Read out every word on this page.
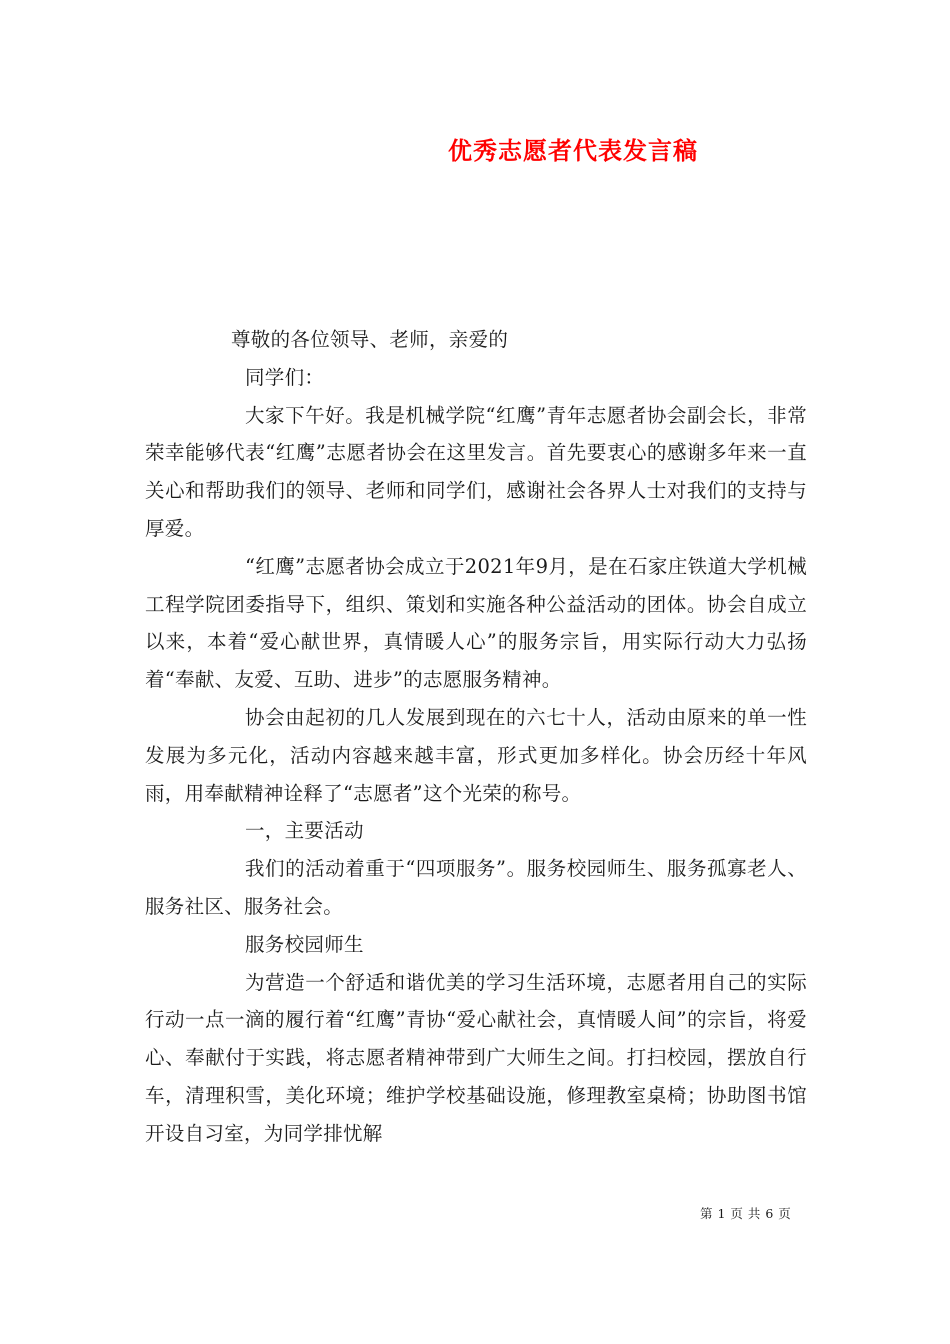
优秀志愿者代表发言稿

尊敬的各位领导、老师，亲爱的

同学们：

大家下午好。我是机械学院“红鹰”青年志愿者协会副会长，非常荣幸能够代表“红鹰”志愿者协会在这里发言。首先要衷心的感谢多年来一直关心和帮助我们的领导、老师和同学们，感谢社会各界人士对我们的支持与厚爱。

“红鹰”志愿者协会成立于2021年9月，是在石家庄铁道大学机械工程学院团委指导下，组织、策划和实施各种公益活动的团体。协会自成立以来，本着“爱心献世界，真情暖人心”的服务宗旨，用实际行动大力弘扬着“奉献、友爱、互助、进步”的志愿服务精神。

协会由起初的几人发展到现在的六七十人，活动由原来的单一性发展为多元化，活动内容越来越丰富，形式更加多样化。协会历经十年风雨，用奉献精神诠释了“志愿者”这个光荣的称号。

一，主要活动

我们的活动着重于“四项服务”。服务校园师生、服务孤寡老人、服务社区、服务社会。

服务校园师生

为营造一个舒适和谐优美的学习生活环境，志愿者用自己的实际行动一点一滴的履行着“红鹰”青协“爱心献社会，真情暖人间”的宗旨，将爱心、奉献付于实践，将志愿者精神带到广大师生之间。打扫校园，摆放自行车，清理积雪，美化环境；维护学校基础设施，修理教室桌椅；协助图书馆开设自习室，为同学排忧解

第 1 页 共 6 页
